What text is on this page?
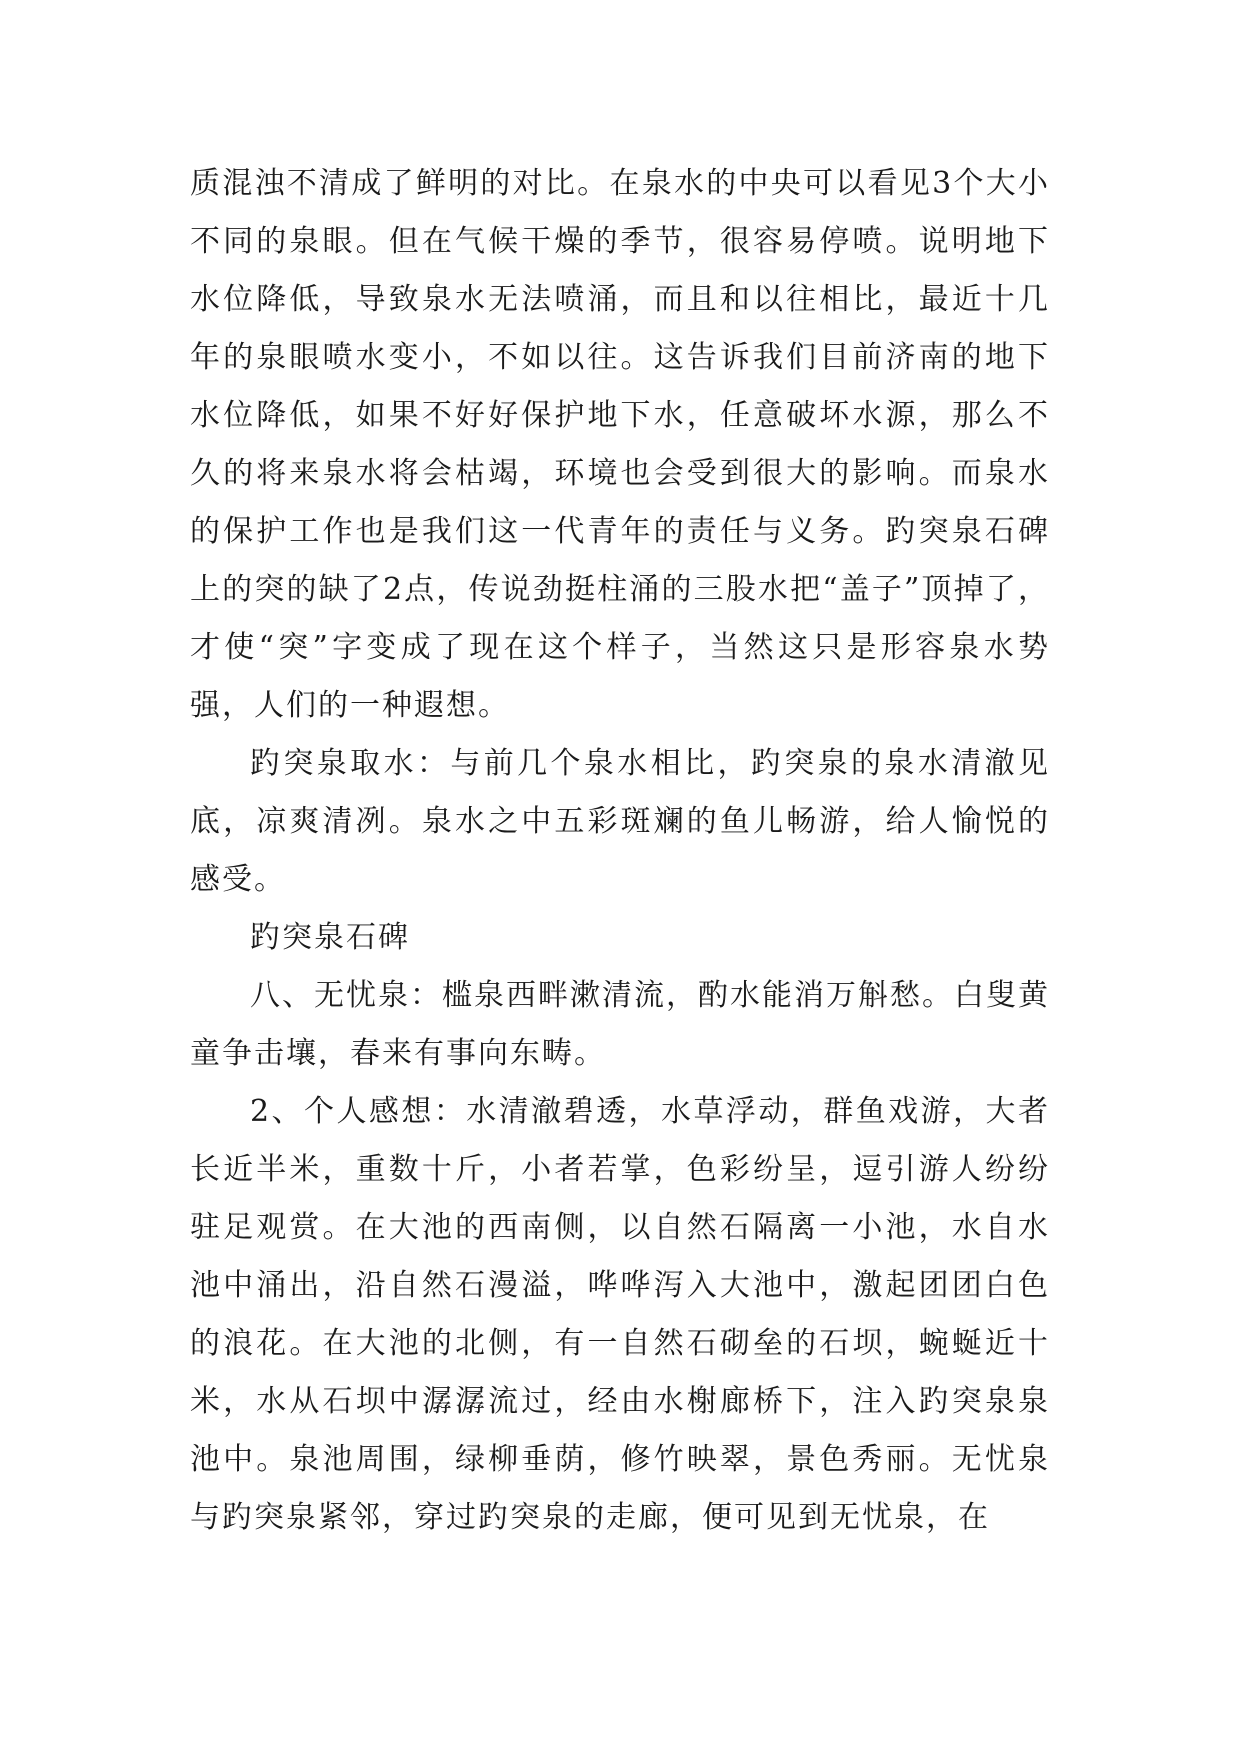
质混浊不清成了鲜明的对比。在泉水的中央可以看见3个大小不同的泉眼。但在气候干燥的季节，很容易停喷。说明地下水位降低，导致泉水无法喷涌，而且和以往相比，最近十几年的泉眼喷水变小，不如以往。这告诉我们目前济南的地下水位降低，如果不好好保护地下水，任意破坏水源，那么不久的将来泉水将会枯竭，环境也会受到很大的影响。而泉水的保护工作也是我们这一代青年的责任与义务。趵突泉石碑上的突的缺了2点，传说劲挺柱涌的三股水把“盖子”顶掉了，才使“突”字变成了现在这个样子，当然这只是形容泉水势强，人们的一种遐想。

趵突泉取水：与前几个泉水相比，趵突泉的泉水清澈见底，凉爽清冽。泉水之中五彩斑斓的鱼儿畅游，给人愉悦的感受。

趵突泉石碑

八、无忧泉：槛泉西畔漱清流，酌水能消万斛愁。白叟黄童争击壤，春来有事向东畴。

2、个人感想：水清澈碧透，水草浮动，群鱼戏游，大者长近半米，重数十斤，小者若掌，色彩纷呈，逗引游人纷纷驻足观赏。在大池的西南侧，以自然石隔离一小池，水自水池中涌出，沿自然石漫溢，哗哗泻入大池中，激起团团白色的浪花。在大池的北侧，有一自然石砌垒的石坝，蜿蜒近十米，水从石坝中潺潺流过，经由水榭廊桥下，注入趵突泉泉池中。泉池周围，绿柳垂荫，修竹映翠，景色秀丽。无忧泉与趵突泉紧邻，穿过趵突泉的走廊，便可见到无忧泉，在
